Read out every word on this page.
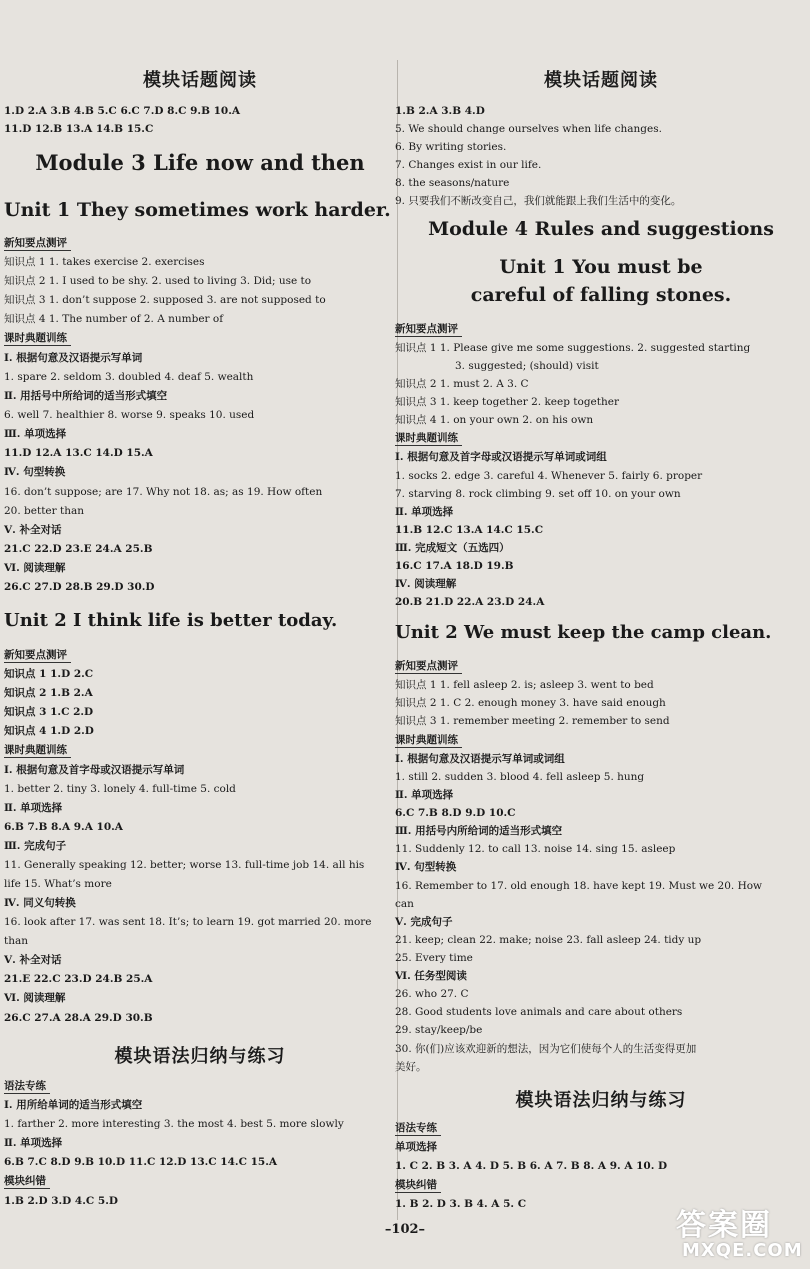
模块话题阅读
1.D 2.A 3.B 4.B 5.C 6.C 7.D 8.C 9.B 10.A
11.D 12.B 13.A 14.B 15.C
Module 3 Life now and then
Unit 1 They sometimes work harder.
新知要点测评
知识点 1 1. takes exercise 2. exercises
知识点 2 1. I used to be shy. 2. used to living 3. Did; use to
知识点 3 1. don’t suppose 2. supposed 3. are not supposed to
知识点 4 1. The number of 2. A number of
课时典题训练
Ⅰ. 根据句意及汉语提示写单词
1. spare 2. seldom 3. doubled 4. deaf 5. wealth
Ⅱ. 用括号中所给词的适当形式填空
6. well 7. healthier 8. worse 9. speaks 10. used
Ⅲ. 单项选择
11.D 12.A 13.C 14.D 15.A
Ⅳ. 句型转换
16. don’t suppose; are 17. Why not 18. as; as 19. How often
20. better than
Ⅴ. 补全对话
21.C 22.D 23.E 24.A 25.B
Ⅵ. 阅读理解
26.C 27.D 28.B 29.D 30.D
Unit 2 I think life is better today.
新知要点测评
知识点 1 1.D 2.C
知识点 2 1.B 2.A
知识点 3 1.C 2.D
知识点 4 1.D 2.D
课时典题训练
Ⅰ. 根据句意及首字母或汉语提示写单词
1. better 2. tiny 3. lonely 4. full-time 5. cold
Ⅱ. 单项选择
6.B 7.B 8.A 9.A 10.A
Ⅲ. 完成句子
11. Generally speaking 12. better; worse 13. full-time job 14. all his
life 15. What’s more
Ⅳ. 同义句转换
16. look after 17. was sent 18. It’s; to learn 19. got married 20. more
than
Ⅴ. 补全对话
21.E 22.C 23.D 24.B 25.A
Ⅵ. 阅读理解
26.C 27.A 28.A 29.D 30.B
模块语法归纳与练习
语法专练
Ⅰ. 用所给单词的适当形式填空
1. farther 2. more interesting 3. the most 4. best 5. more slowly
Ⅱ. 单项选择
6.B 7.C 8.D 9.B 10.D 11.C 12.D 13.C 14.C 15.A
模块纠错
1.B 2.D 3.D 4.C 5.D
模块话题阅读
1.B 2.A 3.B 4.D
5. We should change ourselves when life changes.
6. By writing stories.
7. Changes exist in our life.
8. the seasons/nature
9. 只要我们不断改变自己，我们就能跟上我们生活中的变化。
Module 4 Rules and suggestions
Unit 1 You must be
careful of falling stones.
新知要点测评
知识点 1 1. Please give me some suggestions. 2. suggested starting
3. suggested; (should) visit
知识点 2 1. must 2. A 3. C
知识点 3 1. keep together 2. keep together
知识点 4 1. on your own 2. on his own
课时典题训练
Ⅰ. 根据句意及首字母或汉语提示写单词或词组
1. socks 2. edge 3. careful 4. Whenever 5. fairly 6. proper
7. starving 8. rock climbing 9. set off 10. on your own
Ⅱ. 单项选择
11.B 12.C 13.A 14.C 15.C
Ⅲ. 完成短文（五选四）
16.C 17.A 18.D 19.B
Ⅳ. 阅读理解
20.B 21.D 22.A 23.D 24.A
Unit 2 We must keep the camp clean.
新知要点测评
知识点 1 1. fell asleep 2. is; asleep 3. went to bed
知识点 2 1. C 2. enough money 3. have said enough
知识点 3 1. remember meeting 2. remember to send
课时典题训练
Ⅰ. 根据句意及汉语提示写单词或词组
1. still 2. sudden 3. blood 4. fell asleep 5. hung
Ⅱ. 单项选择
6.C 7.B 8.D 9.D 10.C
Ⅲ. 用括号内所给词的适当形式填空
11. Suddenly 12. to call 13. noise 14. sing 15. asleep
Ⅳ. 句型转换
16. Remember to 17. old enough 18. have kept 19. Must we 20. How
can
Ⅴ. 完成句子
21. keep; clean 22. make; noise 23. fall asleep 24. tidy up
25. Every time
Ⅵ. 任务型阅读
26. who 27. C
28. Good students love animals and care about others
29. stay/keep/be
30. 你(们)应该欢迎新的想法，因为它们使每个人的生活变得更加
美好。
模块语法归纳与练习
语法专练
单项选择
1. C 2. B 3. A 4. D 5. B 6. A 7. B 8. A 9. A 10. D
模块纠错
1. B 2. D 3. B 4. A 5. C
–102–	答案圈
MXQE.COM
